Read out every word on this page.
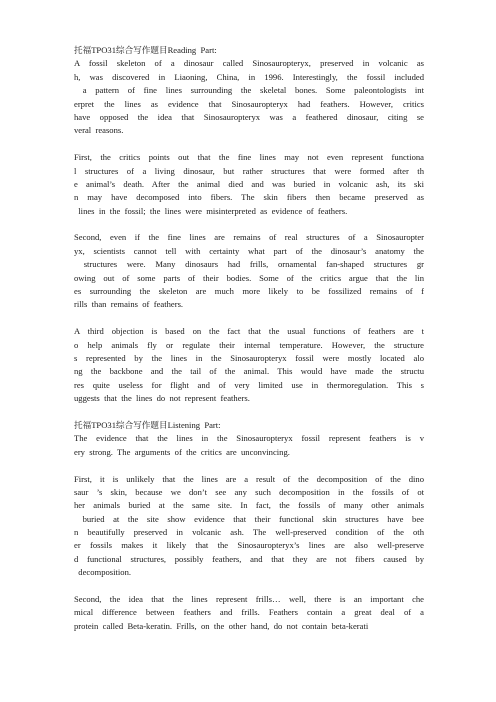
托福TPO31综合写作题目Reading  Part:
A  fossil  skeleton  of  a  dinosaur  called  Sinosauropteryx,  preserved  in  volcanic  as
h,  was  discovered  in  Liaoning,  China,  in  1996.  Interestingly,  the  fossil  included
a  pattern  of  fine  lines  surrounding  the  skeletal  bones.  Some  paleontologists  int
erpret  the  lines  as  evidence  that  Sinosauropteryx  had  feathers.  However,  critics
have  opposed  the  idea  that  Sinosauropteryx  was  a  feathered  dinosaur,  citing  se
veral  reasons.
First,  the  critics  points  out  that  the  fine  lines  may  not  even  represent  functiona
l  structures  of  a  living  dinosaur,  but  rather  structures  that  were  formed  after  th
e  animal’s  death.  After  the  animal  died  and  was  buried  in  volcanic  ash,  its  ski
n  may  have  decomposed  into  fibers.  The  skin  fibers  then  became  preserved  as
lines  in  the  fossil;  the  lines  were  misinterpreted  as  evidence  of  feathers.
Second,  even  if  the  fine  lines  are  remains  of  real  structures  of  a  Sinosaurop​ter
yx,  scientists  cannot  tell  with  certainty  what  part  of  the  dinosaur’s  anatomy  the
structures  were.  Many  dinosaurs  had  frills,  ornamental  fan-shaped  structures  gr
owing  out  of  some  parts  of  their  bodies.  Some  of  the  critics  argue  that  the  lin
es  surrounding  the  skeleton  are  much  more  likely  to  be  fossilized  remains  of  f
rills  than  remains  of  feathers.
A  third  objection  is  based  on  the  fact  that  the  usual  functions  of  feathers  are  t
o  help  animals  fly  or  regulate  their  internal  temperature.  However,  the  structure
s  represented  by  the  lines  in  the  Sinosauropteryx  fossil  were  mostly  located  alo
ng  the  backbone  and  the  tail  of  the  animal.  This  would  have  made  the  structu
res  quite  useless  for  flight  and  of  very  limited  use  in  thermoregulation.  This  s
uggests  that  the  lines  do  not  represent  feathers.
托福TPO31综合写作题目Listening  Part:
The  evidence  that  the  lines  in  the  Sinosauropteryx  fossil  represent  feathers  is  v
ery  strong.  The  arguments  of  the  critics  are  unconvincing.
First,  it  is  unlikely  that  the  lines  are  a  result  of  the  decomposition  of  the  dino
saur  ’s  skin,  because  we  don’t  see  any  such  decomposition  in  the  fossils  of  ot
her  animals  buried  at  the  same  site.  In  fact,  the  fossils  of  many  other  animals
buried  at  the  site  show  evidence  that  their  functional  skin  structures  have  bee
n  beautifully  preserved  in  volcanic  ash.  The  well-preserved  condition  of  the  oth
er  fossils  makes  it  likely  that  the  Sinosauropteryx’s  lines  are  also  well-preserve
d  functional  structures,  possibly  feathers,  and  that  they  are  not  fibers  caused  by
decomposition.
Second,  the  idea  that  the  lines  represent  frills…  well,  there  is  an  important  che
mical  difference  between  feathers  and  frills.  Feathers  contain  a  great  deal  of  a
protein  called  Beta-keratin.  Frills,  on  the  other  hand,  do  not  contain  beta-kerati
